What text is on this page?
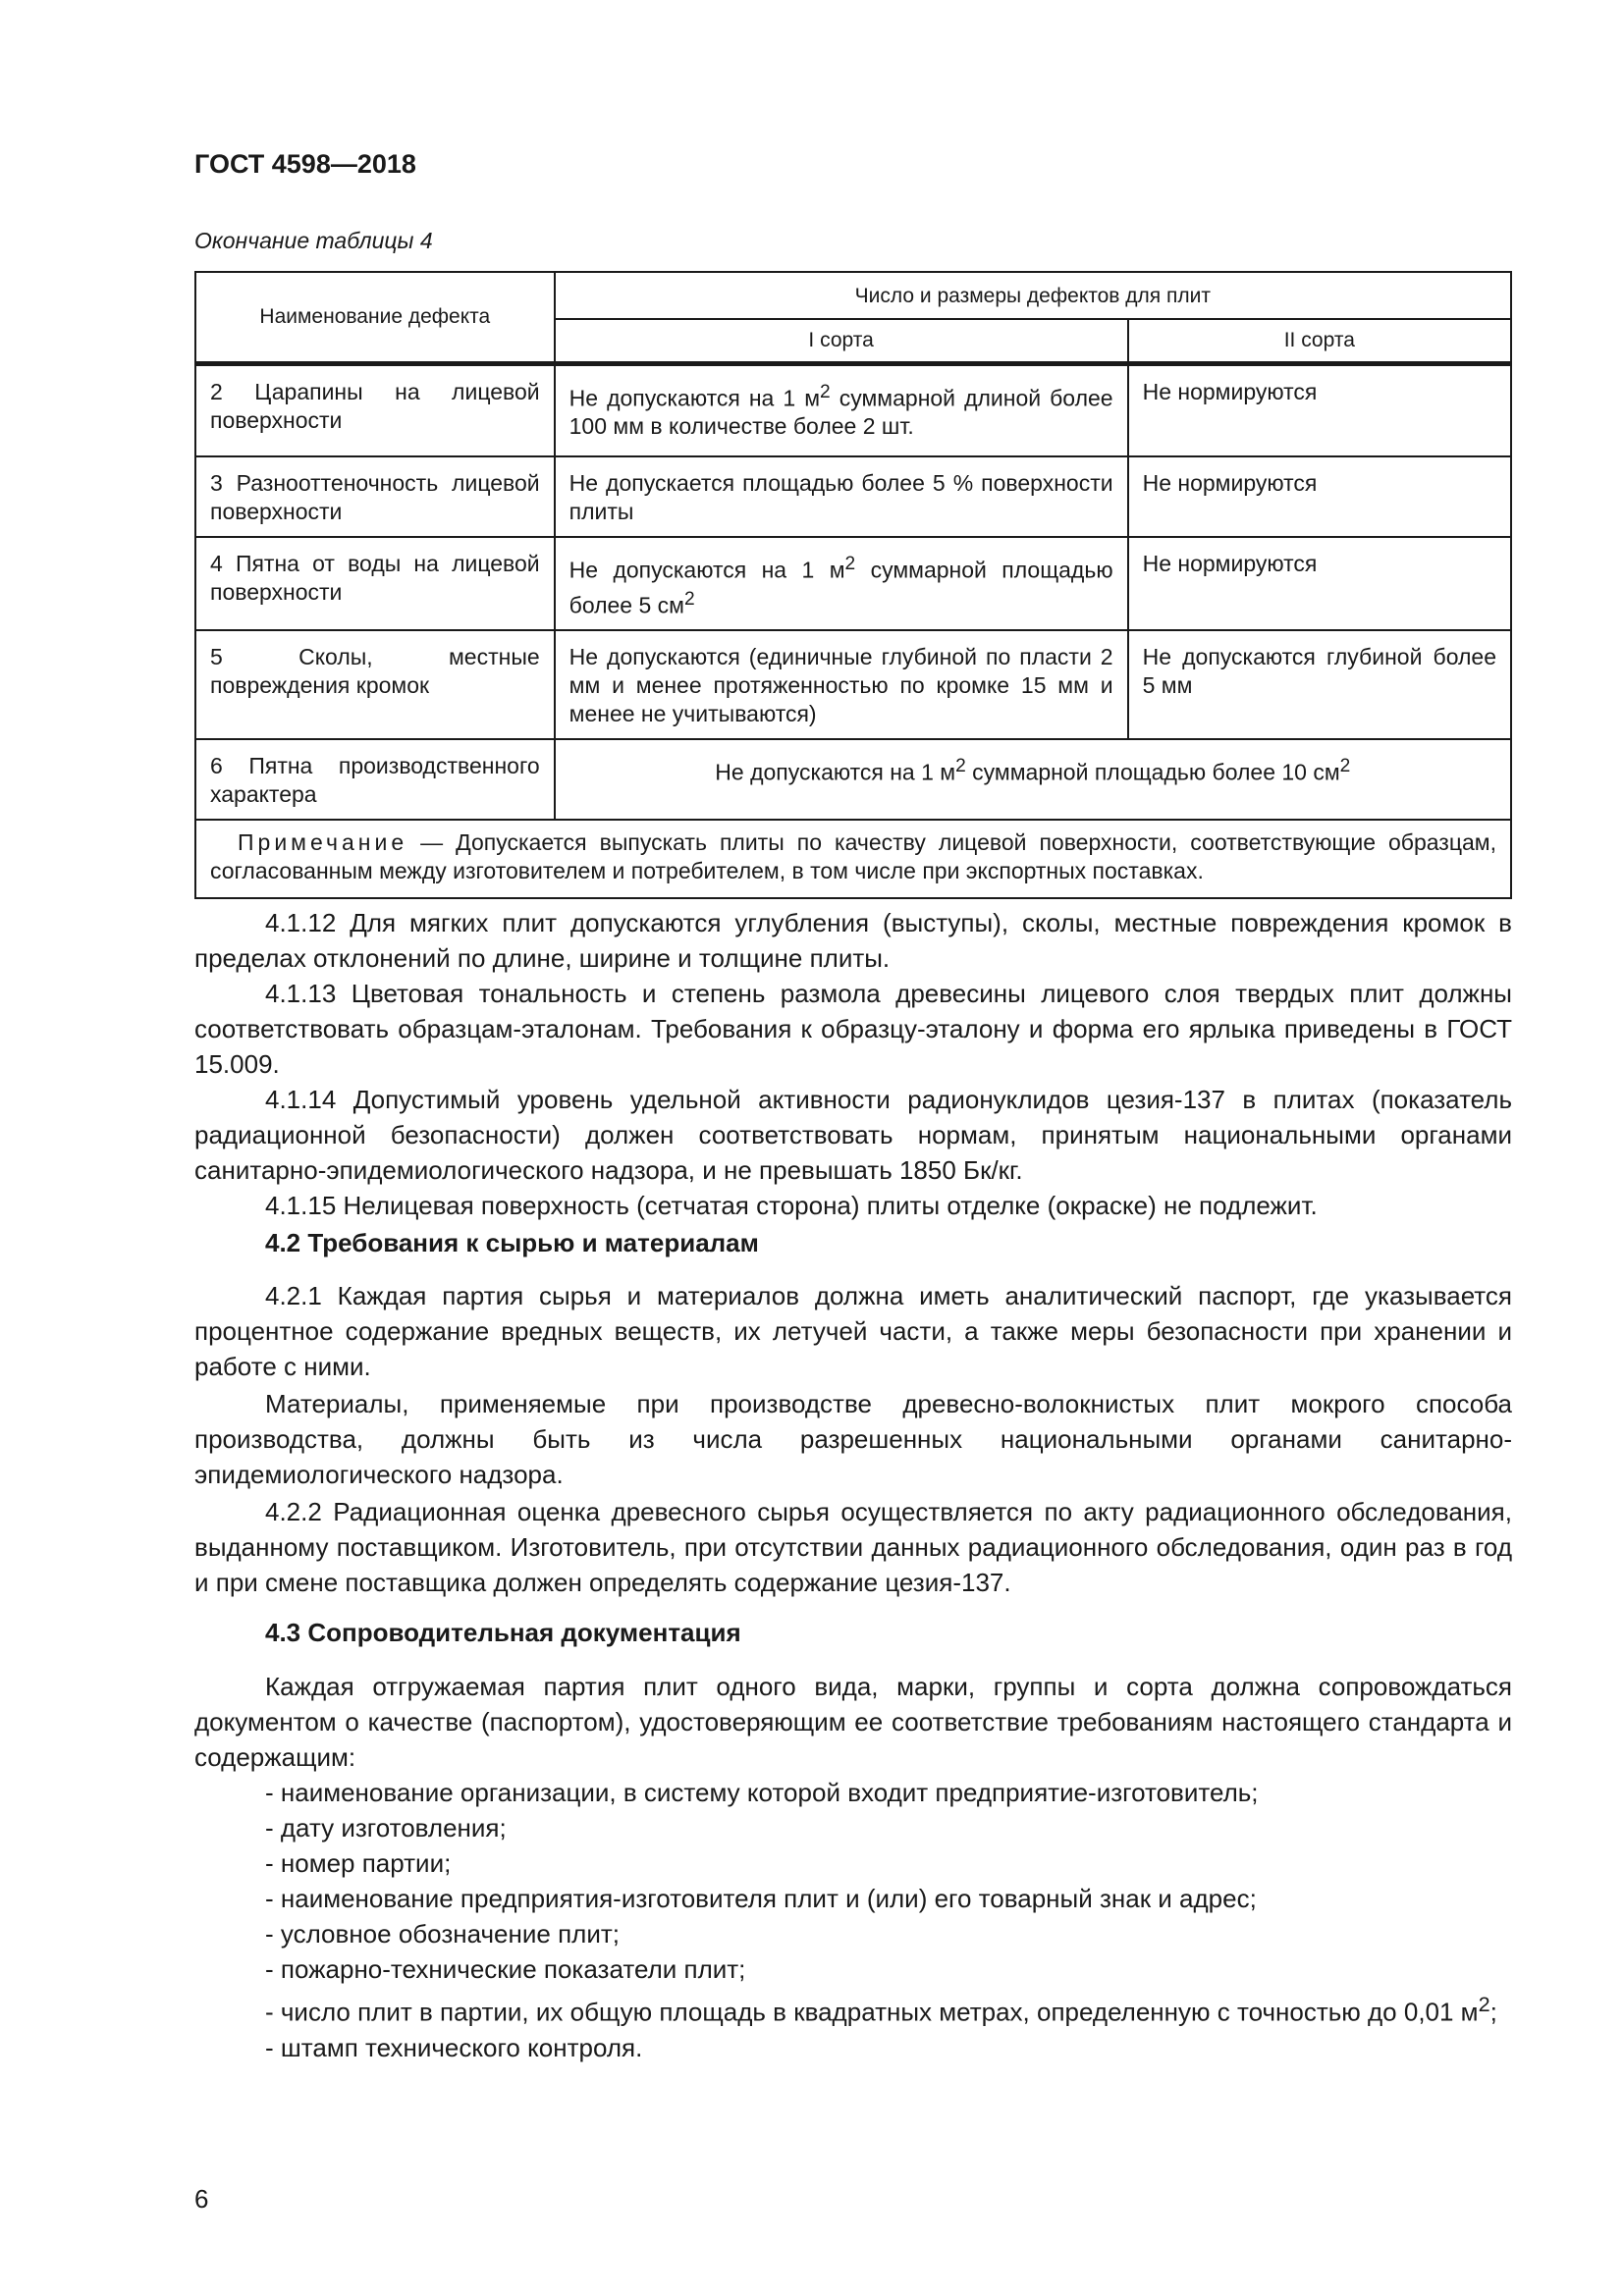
ГОСТ 4598—2018
Окончание таблицы 4
Наименование дефекта	Число и размеры дефектов для плит	
	I сорта	II сорта
2 Царапины на лицевой поверхности	Не допускаются на 1 $м^2$ суммарной длиной более 100 мм в количестве более 2 шт.	Не нормируются
3 Разнооттеночность лицевой поверхности	Не допускается площадью более 5 % поверхности плиты	Не нормируются
4 Пятна от воды на лицевой поверхности	Не допускаются на 1 $м^2$ суммарной площадью более 5 $см^2$	Не нормируются
5 Сколы, местные повреждения кромок	Не допускаются (единичные глубиной по пласти 2 мм и менее протяженностью по кромке 15 мм и менее не учитываются)	Не допускаются глубиной более 5 мм
6 Пятна производственного характера	Не допускаются на 1 $м^2$ суммарной площадью более 10 $см^2$
Примечание — Допускается выпускать плиты по качеству лицевой поверхности, соответствующие образцам, согласованным между изготовителем и потребителем, в том числе при экспортных поставках.		

4.1.12 Для мягких плит допускаются углубления (выступы), сколы, местные повреждения кромок в пределах отклонений по длине, ширине и толщине плиты.

4.1.13 Цветовая тональность и степень размола древесины лицевого слоя твердых плит должны соответствовать образцам-эталонам. Требования к образцу-эталону и форма его ярлыка приведены в ГОСТ 15.009.

4.1.14 Допустимый уровень удельной активности радионуклидов цезия-137 в плитах (показатель радиационной безопасности) должен соответствовать нормам, принятым национальными органами санитарно-эпидемиологического надзора, и не превышать 1850 Бк/кг.

4.1.15 Нелицевая поверхность (сетчатая сторона) плиты отделке (окраске) не подлежит.

4.2 Требования к сырью и материалам

4.2.1 Каждая партия сырья и материалов должна иметь аналитический паспорт, где указывается процентное содержание вредных веществ, их летучей части, а также меры безопасности при хранении и работе с ними.

Материалы, применяемые при производстве древесно-волокнистых плит мокрого способа производства, должны быть из числа разрешенных национальными органами санитарно-эпидемиологического надзора.

4.2.2 Радиационная оценка древесного сырья осуществляется по акту радиационного обследования, выданному поставщиком. Изготовитель, при отсутствии данных радиационного обследования, один раз в год и при смене поставщика должен определять содержание цезия-137.

4.3 Сопроводительная документация

Каждая отгружаемая партия плит одного вида, марки, группы и сорта должна сопровождаться документом о качестве (паспортом), удостоверяющим ее соответствие требованиям настоящего стандарта и содержащим:

- наименование организации, в систему которой входит предприятие-изготовитель;
- дату изготовления;
- номер партии;
- наименование предприятия-изготовителя плит и (или) его товарный знак и адрес;
- условное обозначение плит;
- пожарно-технические показатели плит;

- число плит в партии, их общую площадь в квадратных метрах, определенную с точностью до 0,01 $м^2$;

- штамп технического контроля.
6
